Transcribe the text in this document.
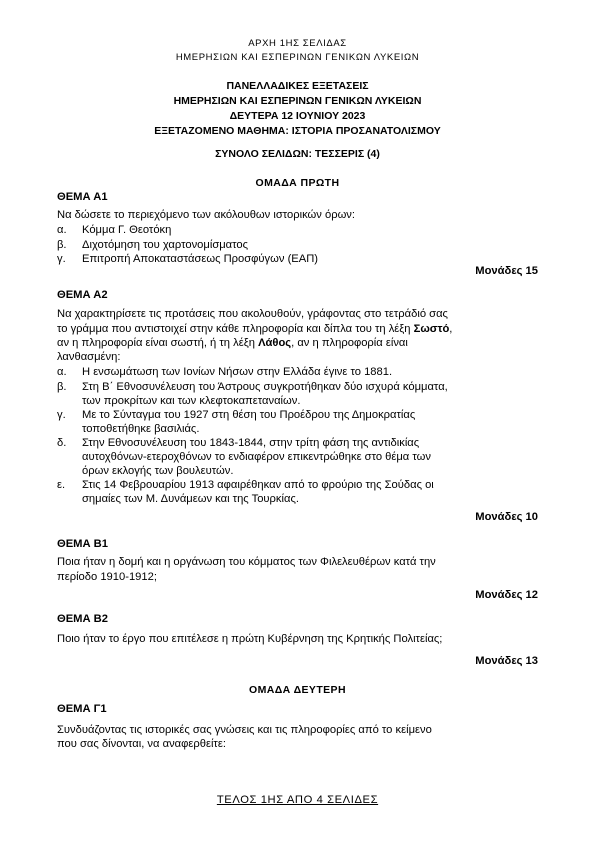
ΑΡΧΗ 1ΗΣ ΣΕΛΙΔΑΣ
ΗΜΕΡΗΣΙΩΝ ΚΑΙ ΕΣΠΕΡΙΝΩΝ ΓΕΝΙΚΩΝ ΛΥΚΕΙΩΝ
ΠΑΝΕΛΛΑΔΙΚΕΣ ΕΞΕΤΑΣΕΙΣ
ΗΜΕΡΗΣΙΩΝ ΚΑΙ ΕΣΠΕΡΙΝΩΝ ΓΕΝΙΚΩΝ ΛΥΚΕΙΩΝ
ΔΕΥΤΕΡΑ 12 ΙΟΥΝΙΟΥ 2023
ΕΞΕΤΑΖΟΜΕΝΟ ΜΑΘΗΜΑ: ΙΣΤΟΡΙΑ ΠΡΟΣΑΝΑΤΟΛΙΣΜΟΥ
ΣΥΝΟΛΟ ΣΕΛΙΔΩΝ: ΤΕΣΣΕΡΙΣ (4)
ΟΜΑΔΑ ΠΡΩΤΗ
ΘΕΜΑ Α1
Να δώσετε το περιεχόμενο των ακόλουθων ιστορικών όρων:
α. Κόμμα Γ. Θεοτόκη
β. Διχοτόμηση του χαρτονομίσματος
γ. Επιτροπή Αποκαταστάσεως Προσφύγων (ΕΑΠ)
Μονάδες 15
ΘΕΜΑ Α2
Να χαρακτηρίσετε τις προτάσεις που ακολουθούν, γράφοντας στο τετράδιό σας
το γράμμα που αντιστοιχεί στην κάθε πληροφορία και δίπλα του τη λέξη Σωστό,
αν η πληροφορία είναι σωστή, ή τη λέξη Λάθος, αν η πληροφορία είναι
λανθασμένη:
α. Η ενσωμάτωση των Ιονίων Νήσων στην Ελλάδα έγινε το 1881.
β. Στη Β΄ Εθνοσυνέλευση του Άστρους συγκροτήθηκαν δύο ισχυρά κόμματα,
των προκρίτων και των κλεφτοκαπεταναίων.
γ. Με το Σύνταγμα του 1927 στη θέση του Προέδρου της Δημοκρατίας
τοποθετήθηκε βασιλιάς.
δ. Στην Εθνοσυνέλευση του 1843-1844, στην τρίτη φάση της αντιδικίας
αυτοχθόνων-ετεροχθόνων το ενδιαφέρον επικεντρώθηκε στο θέμα των
όρων εκλογής των βουλευτών.
ε. Στις 14 Φεβρουαρίου 1913 αφαιρέθηκαν από το φρούριο της Σούδας οι
σημαίες των Μ. Δυνάμεων και της Τουρκίας.
Μονάδες 10
ΘΕΜΑ Β1
Ποια ήταν η δομή και η οργάνωση του κόμματος των Φιλελευθέρων κατά την
περίοδο 1910-1912;
Μονάδες 12
ΘΕΜΑ Β2
Ποιο ήταν το έργο που επιτέλεσε η πρώτη Κυβέρνηση της Κρητικής Πολιτείας;
Μονάδες 13
ΟΜΑΔΑ ΔΕΥΤΕΡΗ
ΘΕΜΑ Γ1
Συνδυάζοντας τις ιστορικές σας γνώσεις και τις πληροφορίες από το κείμενο
που σας δίνονται, να αναφερθείτε:
ΤΕΛΟΣ 1ΗΣ ΑΠΟ 4 ΣΕΛΙΔΕΣ
